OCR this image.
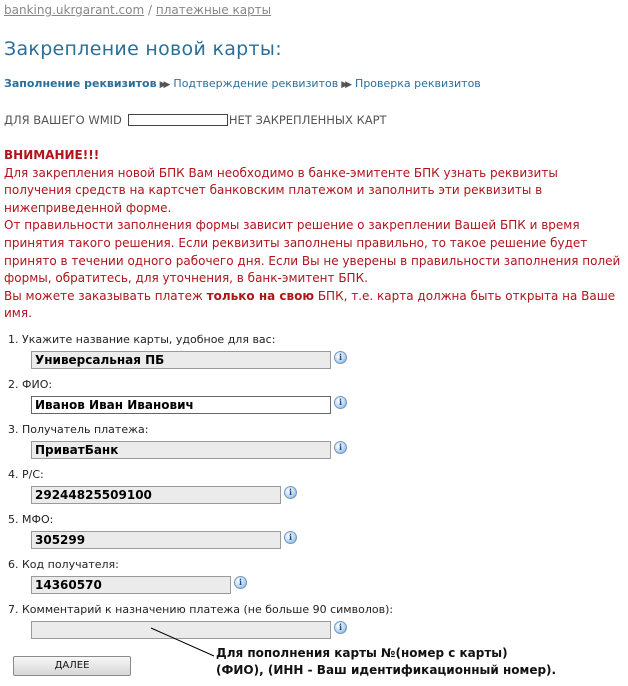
banking.ukrgarant.com / платежные карты
Закрепление новой карты:
Заполнение реквизитов ▶▶ Подтверждение реквизитов ▶▶ Проверка реквизитов
ДЛЯ ВАШЕГО WMID	НЕТ ЗАКРЕПЛЕННЫХ КАРТ

ВНИМАНИЕ!!!

Для закрепления новой БПК Вам необходимо в банке-эмитенте БПК узнать реквизиты получения средств на картсчет банковским платежом и заполнить эти реквизиты в нижеприведенной форме.

От правильности заполнения формы зависит решение о закреплении Вашей БПК и время принятия такого решения. Если реквизиты заполнены правильно, то такое решение будет принято в течении одного рабочего дня. Если Вы не уверены в правильности заполнения полей формы, обратитесь, для уточнения, в банк-эмитент БПК.

Вы можете заказывать платеж только на свою БПК, т.е. карта должна быть открыта на Ваше имя.

1. Укажите название карты, удобное для вас:
Универсальная ПБ	i
2. ФИО:
Иванов Иван Иванович	i
3. Получатель платежа:
ПриватБанк	i
4. Р/С:
29244825509100	i
5. МФО:
305299	i
6. Код получателя:
14360570	i
7. Комментарий к назначению платежа (не больше 90 символов):
i
ДАЛЕЕ
Для пополнения карты №(номер с карты)
(ФИО), (ИНН - Ваш идентификационный номер).
